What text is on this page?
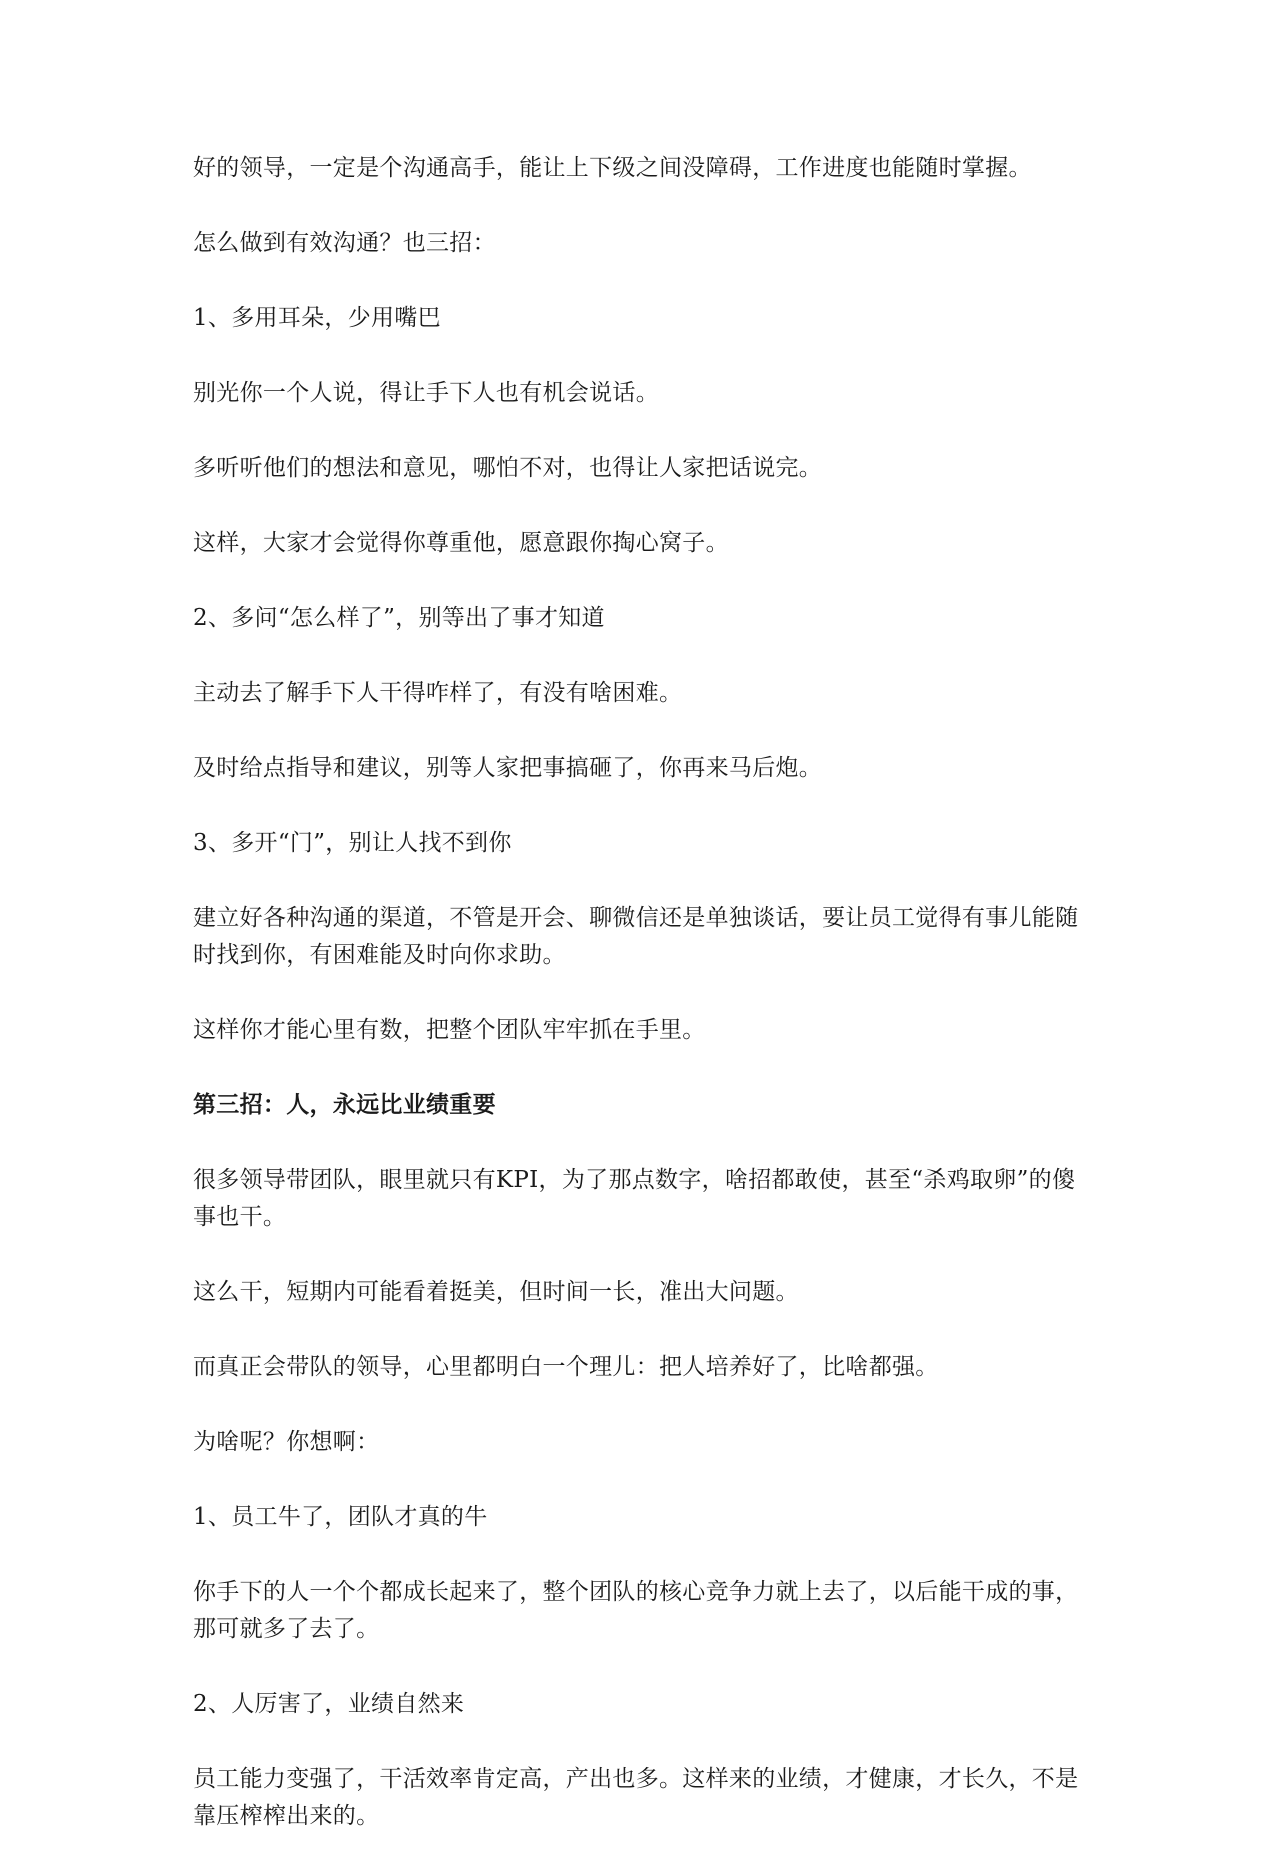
好的领导，一定是个沟通高手，能让上下级之间没障碍，工作进度也能随时掌握。

怎么做到有效沟通？也三招：

1、多用耳朵，少用嘴巴

别光你一个人说，得让手下人也有机会说话。

多听听他们的想法和意见，哪怕不对，也得让人家把话说完。

这样，大家才会觉得你尊重他，愿意跟你掏心窝子。

2、多问“怎么样了”，别等出了事才知道

主动去了解手下人干得咋样了，有没有啥困难。

及时给点指导和建议，别等人家把事搞砸了，你再来马后炮。

3、多开“门”，别让人找不到你

建立好各种沟通的渠道，不管是开会、聊微信还是单独谈话，要让员工觉得有事儿能随时找到你，有困难能及时向你求助。

这样你才能心里有数，把整个团队牢牢抓在手里。

第三招：人，永远比业绩重要

很多领导带团队，眼里就只有KPI，为了那点数字，啥招都敢使，甚至“杀鸡取卵”的傻事也干。

这么干，短期内可能看着挺美，但时间一长，准出大问题。

而真正会带队的领导，心里都明白一个理儿：把人培养好了，比啥都强。

为啥呢？你想啊：

1、员工牛了，团队才真的牛

你手下的人一个个都成长起来了，整个团队的核心竞争力就上去了，以后能干成的事，那可就多了去了。

2、人厉害了，业绩自然来

员工能力变强了，干活效率肯定高，产出也多。这样来的业绩，才健康，才长久，不是靠压榨榨出来的。
